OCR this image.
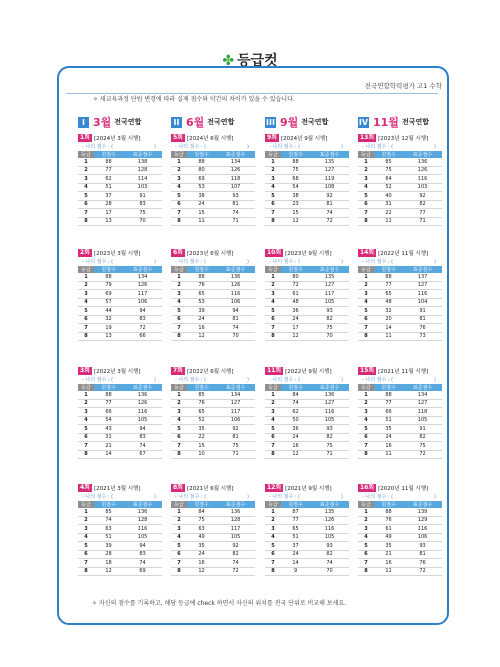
✤ 등급컷
전국연합학력평가 고1 수학
✧ 새교육과정 단원 변경에 따라 실제 점수와 약간의 차이가 있을 수 있습니다.
I 3월 전국연합
1회 [2024년 3월 시행]
- 나의 점수 : (	)
등급	원점수	표준점수
1	88	138
2	77	128
3	62	114
4	51	103
5	37	91
6	28	83
7	17	75
8	13	70
2회 [2023년 3월 시행]
- 나의 점수 : (	)
등급	원점수	표준점수
1	88	134
2	79	126
3	69	117
4	57	106
5	44	94
6	32	83
7	19	72
8	13	66
3회 [2022년 3월 시행]
- 나의 점수 : (	)
등급	원점수	표준점수
1	88	136
2	77	126
3	66	116
4	54	105
5	43	94
6	31	83
7	21	74
8	14	67
4회 [2021년 3월 시행]
- 나의 점수 : (	)
등급	원점수	표준점수
1	85	136
2	74	128
3	63	116
4	51	105
5	39	94
6	28	83
7	18	74
8	12	69
II 6월 전국연합
5회 [2024년 6월 시행]
- 나의 점수 : (	)
등급	원점수	표준점수
1	88	134
2	80	126
3	69	118
4	53	107
5	38	93
6	24	81
7	15	74
8	11	71
6회 [2023년 6월 시행]
- 나의 점수 : (	)
등급	원점수	표준점수
1	88	136
2	76	126
3	65	116
4	53	106
5	39	94
6	24	81
7	16	74
8	12	70
7회 [2022년 6월 시행]
- 나의 점수 : (	)
등급	원점수	표준점수
1	85	134
2	76	127
3	65	117
4	52	106
5	35	92
6	22	81
7	15	75
8	10	71
8회 [2021년 6월 시행]
- 나의 점수 : (	)
등급	원점수	표준점수
1	84	136
2	75	128
3	63	117
4	49	105
5	35	92
6	24	82
7	16	74
8	12	72
III 9월 전국연합
9회 [2024년 9월 시행]
- 나의 점수 : (	)
등급	원점수	표준점수
1	88	135
2	75	127
3	68	119
4	54	108
5	38	92
6	23	81
7	15	74
8	12	72
10회 [2023년 9월 시행]
- 나의 점수 : (	)
등급	원점수	표준점수
1	80	135
2	72	127
3	61	117
4	48	105
5	36	93
6	24	82
7	17	75
8	12	70
11회 [2022년 9월 시행]
- 나의 점수 : (	)
등급	원점수	표준점수
1	84	136
2	74	127
3	62	116
4	50	105
5	36	93
6	24	82
7	16	75
8	12	71
12회 [2021년 9월 시행]
- 나의 점수 : (	)
등급	원점수	표준점수
1	87	135
2	77	126
3	65	116
4	51	105
5	37	93
6	24	82
7	14	74
8	9	70
IV 11월 전국연합
13회 [2023년 12월 시행]
- 나의 점수 : (	)
등급	원점수	표준점수
1	85	136
2	75	126
3	64	116
4	52	103
5	40	92
6	31	82
7	22	77
8	11	71
14회 [2022년 11월 시행]
- 나의 점수 : (	)
등급	원점수	표준점수
1	88	137
2	77	127
3	65	116
4	48	104
5	32	91
6	20	81
7	14	76
8	11	73
15회 [2021년 11월 시행]
- 나의 점수 : (	)
등급	원점수	표준점수
1	88	134
2	77	127
3	66	118
4	51	105
5	35	91
6	24	82
7	16	75
8	11	72
16회 [2020년 11월 시행]
- 나의 점수 : (	)
등급	원점수	표준점수
1	88	139
2	76	129
3	61	116
4	49	106
5	35	93
6	21	81
7	16	76
8	11	72
✧ 자신의 점수를 기록하고, 해당 등급에 check 하면서 자신의 위치를 전국 단위로 비교해 보세요.
